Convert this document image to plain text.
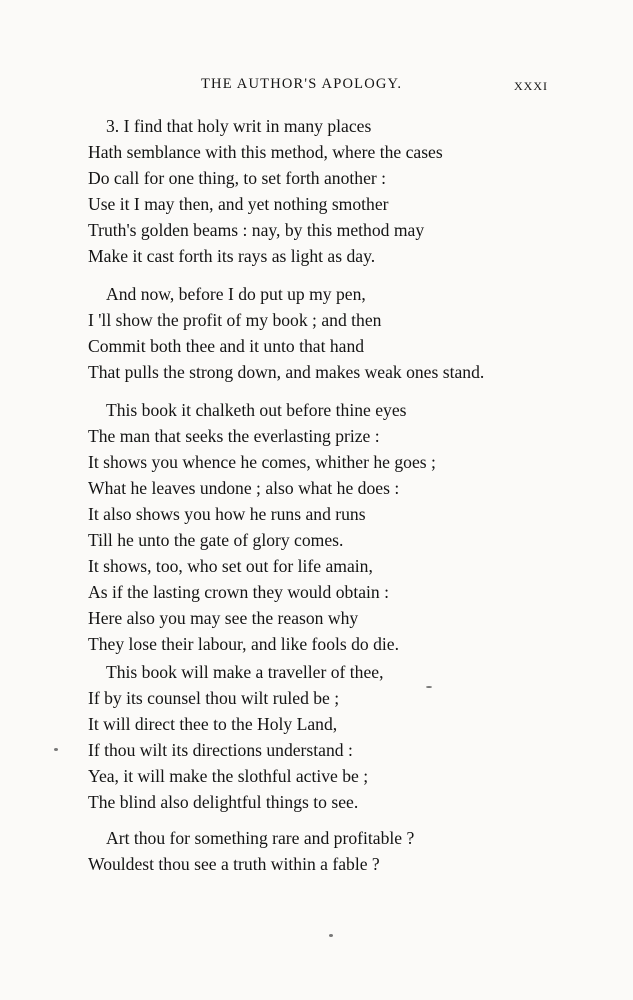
THE AUTHOR'S APOLOGY.	xxxi
3. I find that holy writ in many places
Hath semblance with this method, where the cases
Do call for one thing, to set forth another :
Use it I may then, and yet nothing smother
Truth's golden beams : nay, by this method may
Make it cast forth its rays as light as day.
And now, before I do put up my pen,
I 'll show the profit of my book ; and then
Commit both thee and it unto that hand
That pulls the strong down, and makes weak ones stand.
This book it chalketh out before thine eyes
The man that seeks the everlasting prize :
It shows you whence he comes, whither he goes ;
What he leaves undone ; also what he does :
It also shows you how he runs and runs
Till he unto the gate of glory comes.
It shows, too, who set out for life amain,
As if the lasting crown they would obtain :
Here also you may see the reason why
They lose their labour, and like fools do die.
This book will make a traveller of thee,
If by its counsel thou wilt ruled be ;
It will direct thee to the Holy Land,
If thou wilt its directions understand :
Yea, it will make the slothful active be ;
The blind also delightful things to see.
Art thou for something rare and profitable ?
Wouldest thou see a truth within a fable ?
